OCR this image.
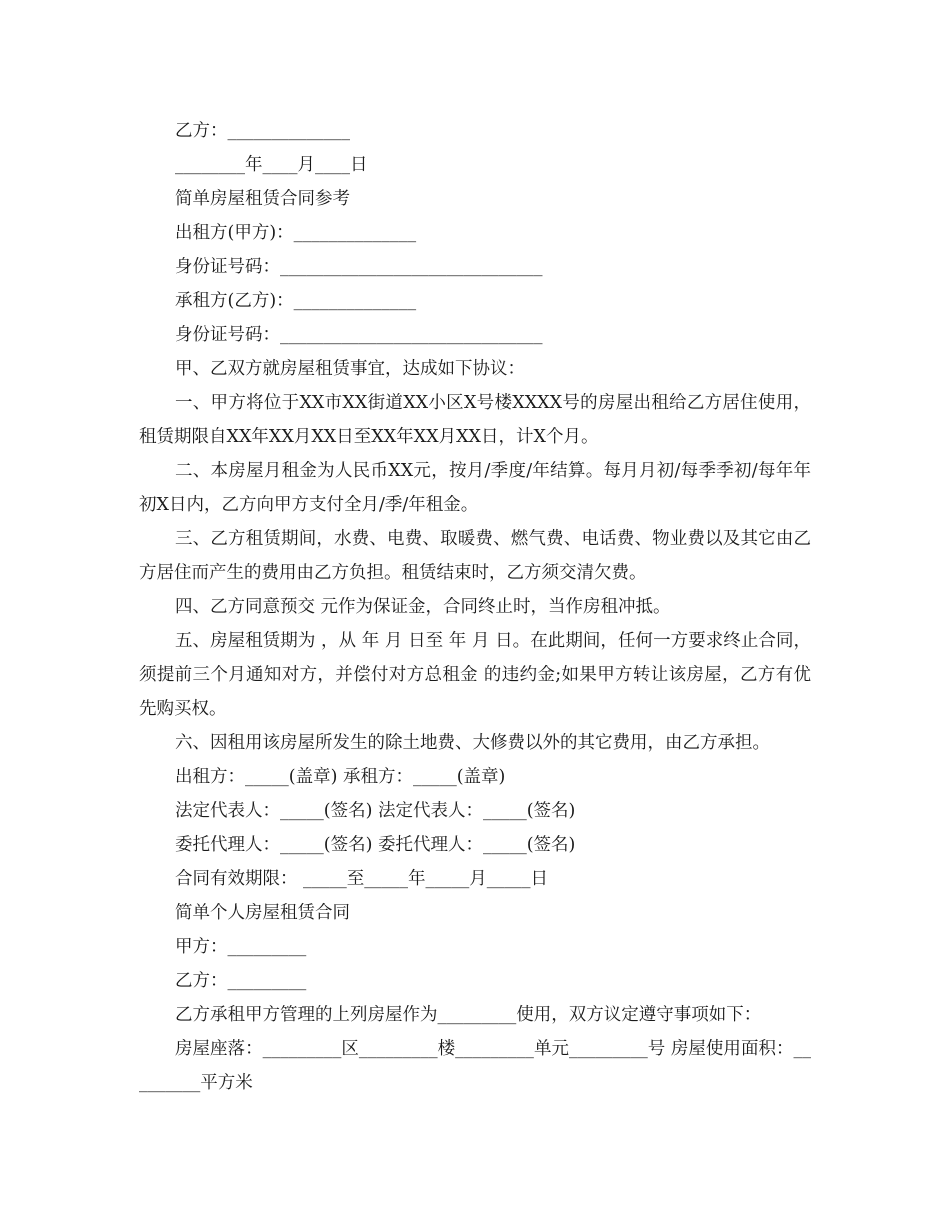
乙方：______________
________年____月____日
简单房屋租赁合同参考
出租方(甲方)：______________
身份证号码：______________________________
承租方(乙方)：______________
身份证号码：______________________________
甲、乙双方就房屋租赁事宜，达成如下协议：
一、甲方将位于XX市XX街道XX小区X号楼XXXX号的房屋出租给乙方居住使用，租赁期限自XX年XX月XX日至XX年XX月XX日，计X个月。
二、本房屋月租金为人民币XX元，按月/季度/年结算。每月月初/每季季初/每年年初X日内，乙方向甲方支付全月/季/年租金。
三、乙方租赁期间，水费、电费、取暖费、燃气费、电话费、物业费以及其它由乙方居住而产生的费用由乙方负担。租赁结束时，乙方须交清欠费。
四、乙方同意预交 元作为保证金，合同终止时，当作房租冲抵。
五、房屋租赁期为 ，从 年 月 日至 年 月 日。在此期间，任何一方要求终止合同，须提前三个月通知对方，并偿付对方总租金 的违约金;如果甲方转让该房屋，乙方有优先购买权。
六、因租用该房屋所发生的除土地费、大修费以外的其它费用，由乙方承担。
出租方：_____(盖章) 承租方：_____(盖章)
法定代表人：_____(签名) 法定代表人：_____(签名)
委托代理人：_____(签名) 委托代理人：_____(签名)
合同有效期限： _____至_____年_____月_____日
简单个人房屋租赁合同
甲方：_________
乙方：_________
乙方承租甲方管理的上列房屋作为_________使用，双方议定遵守事项如下：
房屋座落：_________区_________楼_________单元_________号 房屋使用面积：_________平方米
